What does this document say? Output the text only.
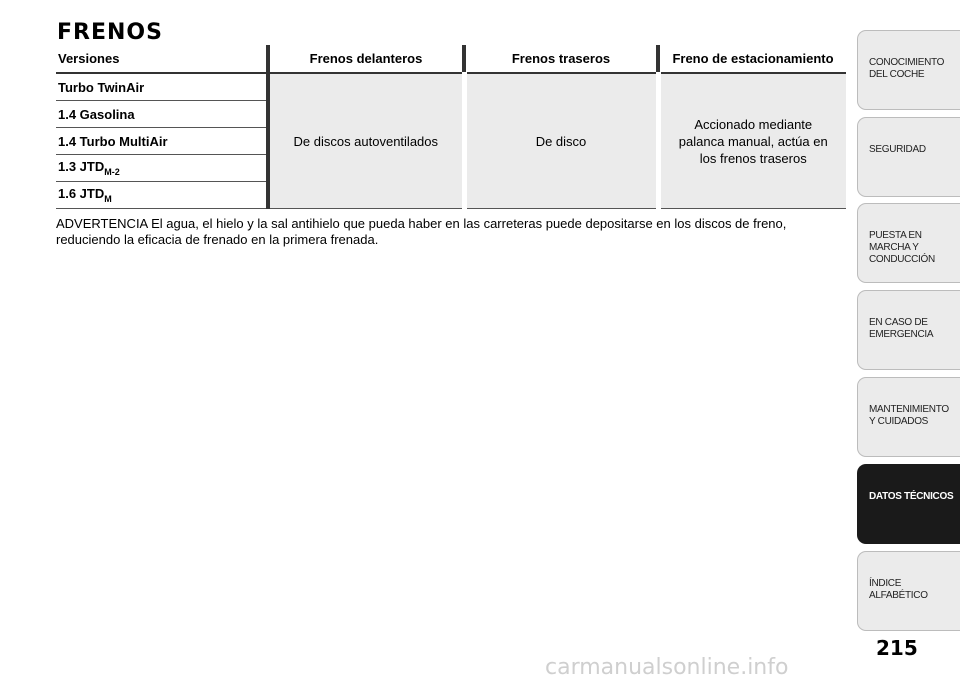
FRENOS
Versiones	Frenos delanteros	Frenos traseros	Freno de estacionamiento
Turbo TwinAir	De discos autoventilados	De disco	Accionado mediante palanca manual, actúa en los frenos traseros
1.4 Gasolina			
1.4 Turbo MultiAir			
1.3 $JTD_{M-2}$
1.6 $JTD_M$

ADVERTENCIA El agua, el hielo y la sal antihielo que pueda haber en las carreteras puede depositarse en los discos de freno, reduciendo la eficacia de frenado en la primera frenada.

CONOCIMIENTO DEL COCHE
SEGURIDAD
PUESTA EN MARCHA Y CONDUCCIÓN
EN CASO DE EMERGENCIA
MANTENIMIENTO Y CUIDADOS
DATOS TÉCNICOS
ÍNDICE ALFABÉTICO
215
carmanualsonline.info
